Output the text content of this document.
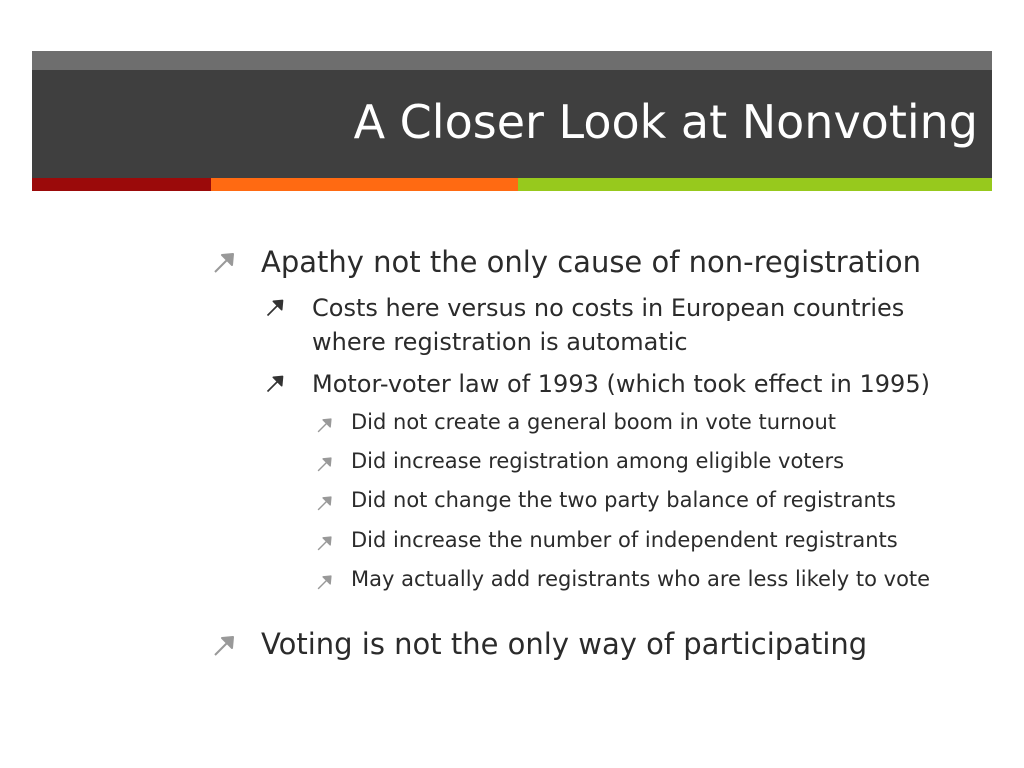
A Closer Look at Nonvoting
Apathy not the only cause of non-registration
Costs here versus no costs in European countries
where registration is automatic
Motor-voter law of 1993 (which took effect in 1995)
Did not create a general boom in vote turnout
Did increase registration among eligible voters
Did not change the two party balance of registrants
Did increase the number of independent registrants
May actually add registrants who are less likely to vote
Voting is not the only way of participating
